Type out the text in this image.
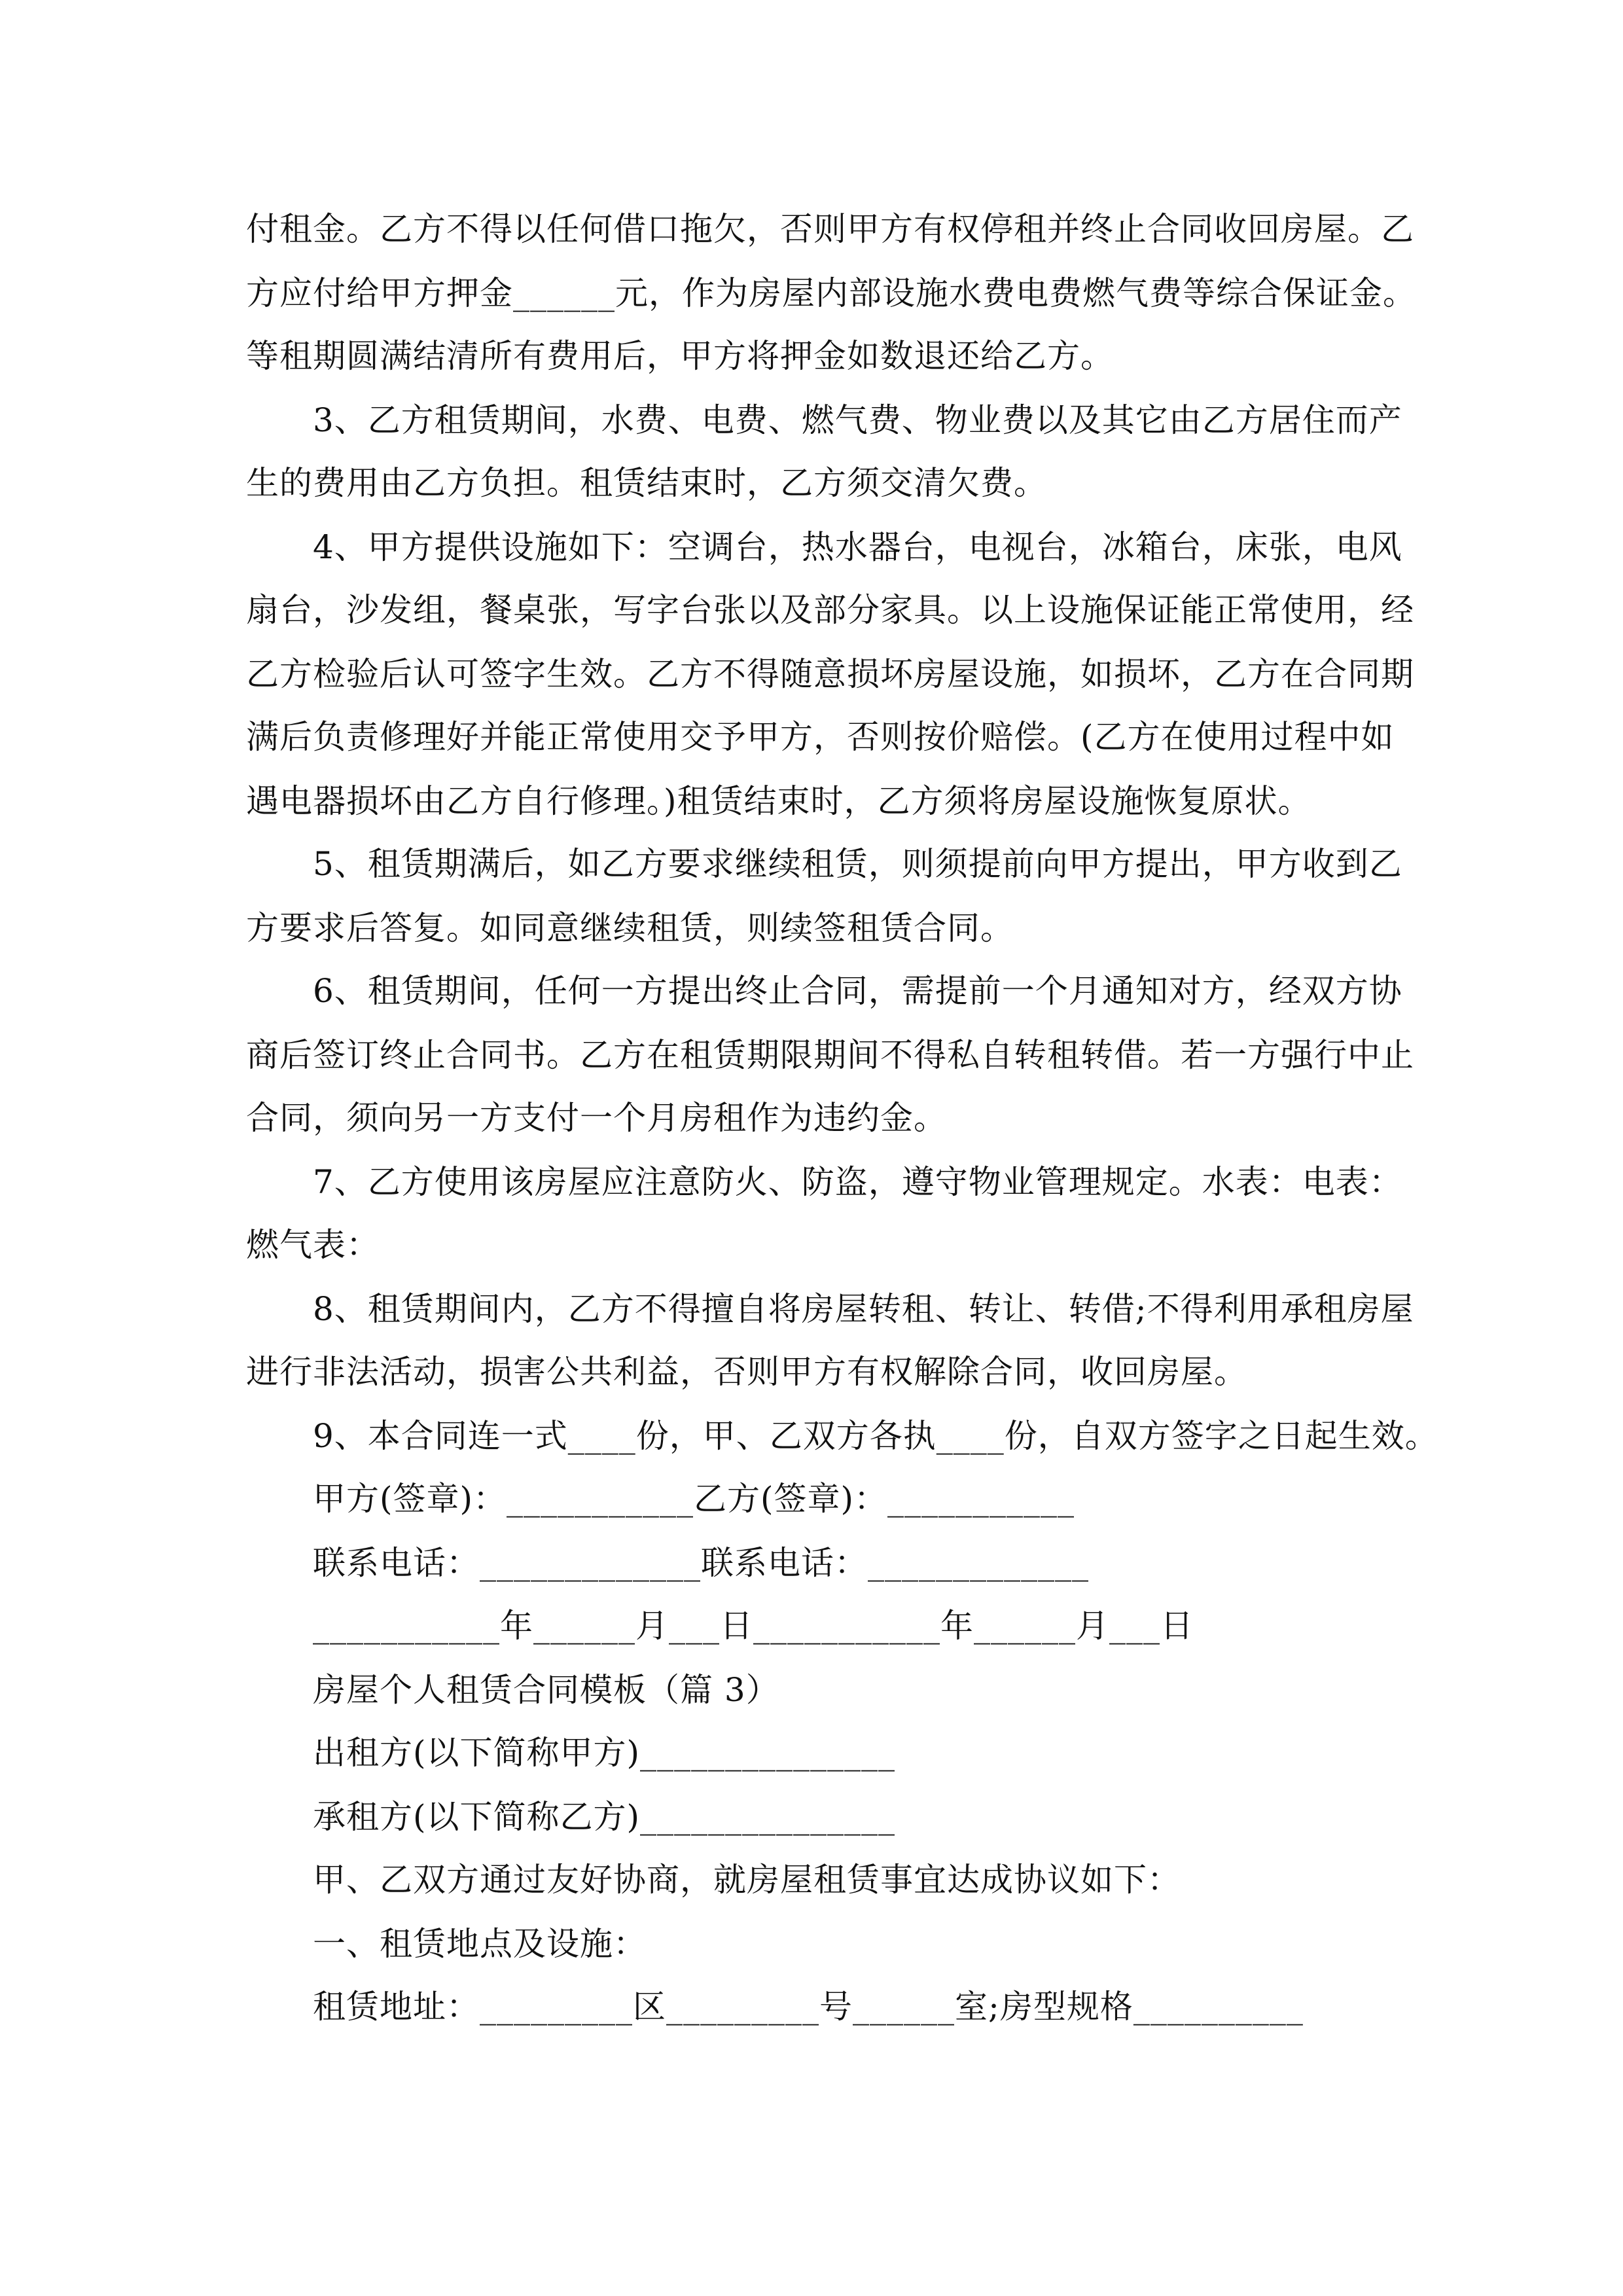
付租金。乙方不得以任何借口拖欠，否则甲方有权停租并终止合同收回房屋。乙
方应付给甲方押金______元，作为房屋内部设施水费电费燃气费等综合保证金。
等租期圆满结清所有费用后，甲方将押金如数退还给乙方。
3、乙方租赁期间，水费、电费、燃气费、物业费以及其它由乙方居住而产
生的费用由乙方负担。租赁结束时，乙方须交清欠费。
4、甲方提供设施如下：空调台，热水器台，电视台，冰箱台，床张，电风
扇台，沙发组，餐桌张，写字台张以及部分家具。以上设施保证能正常使用，经
乙方检验后认可签字生效。乙方不得随意损坏房屋设施，如损坏，乙方在合同期
满后负责修理好并能正常使用交予甲方，否则按价赔偿。(乙方在使用过程中如
遇电器损坏由乙方自行修理。)租赁结束时，乙方须将房屋设施恢复原状。
5、租赁期满后，如乙方要求继续租赁，则须提前向甲方提出，甲方收到乙
方要求后答复。如同意继续租赁，则续签租赁合同。
6、租赁期间，任何一方提出终止合同，需提前一个月通知对方，经双方协
商后签订终止合同书。乙方在租赁期限期间不得私自转租转借。若一方强行中止
合同，须向另一方支付一个月房租作为违约金。
7、乙方使用该房屋应注意防火、防盗，遵守物业管理规定。水表：电表：
燃气表：
8、租赁期间内，乙方不得擅自将房屋转租、转让、转借;不得利用承租房屋
进行非法活动，损害公共利益，否则甲方有权解除合同，收回房屋。
9、本合同连一式____份，甲、乙双方各执____份，自双方签字之日起生效。
甲方(签章)：___________乙方(签章)：___________
联系电话：_____________联系电话：_____________
___________年______月___日___________年______月___日
房屋个人租赁合同模板（篇 3）
出租方(以下简称甲方)_______________
承租方(以下简称乙方)_______________
甲、乙双方通过友好协商，就房屋租赁事宜达成协议如下：
一、租赁地点及设施：
租赁地址：_________区_________号______室;房型规格__________
